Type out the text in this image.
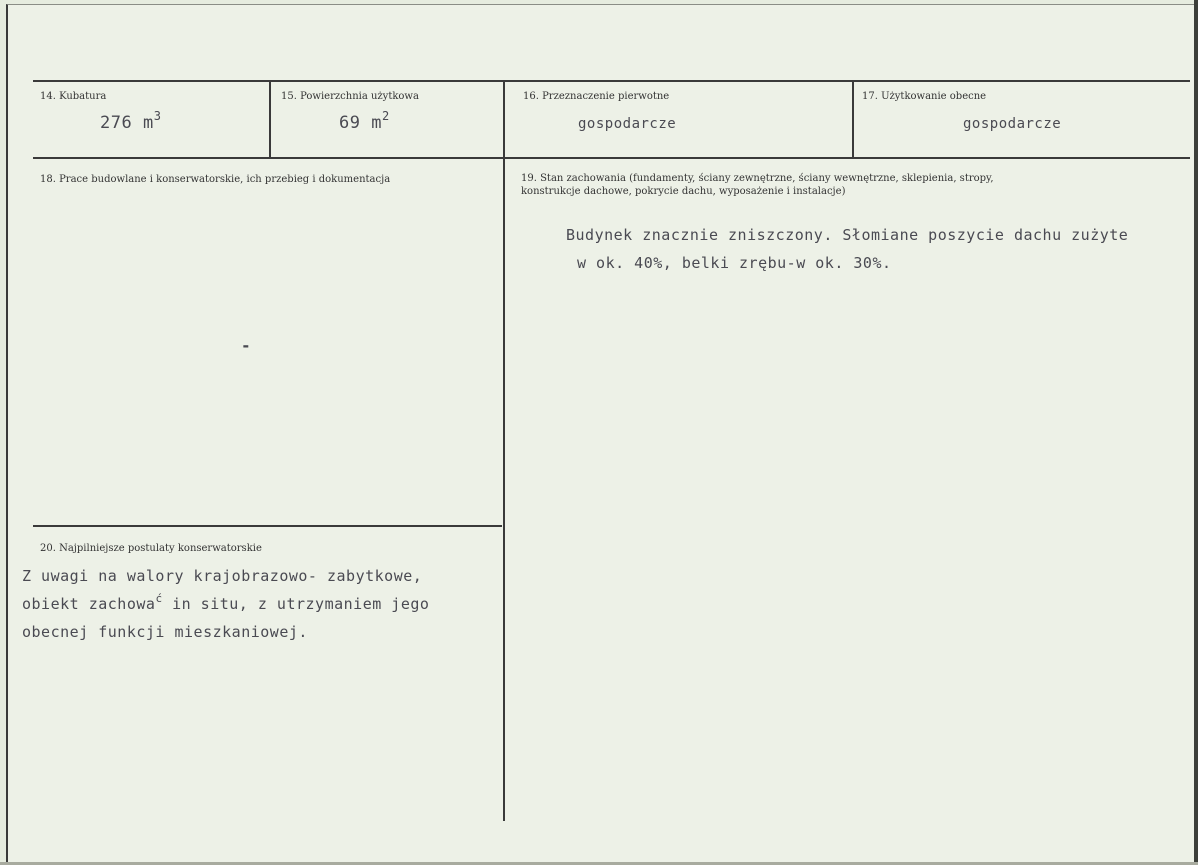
14. Kubatura
276 $m^3$
15. Powierzchnia użytkowa
69 $m^2$
16. Przeznaczenie pierwotne
gospodarcze
17. Użytkowanie obecne
gospodarcze
18. Prace budowlane i konserwatorskie, ich przebieg i dokumentacja
-
19. Stan zachowania (fundamenty, ściany zewnętrzne, ściany wewnętrzne, sklepienia, stropy,
konstrukcje dachowe, pokrycie dachu, wyposażenie i instalacje)
Budynek znacznie zniszczony. Słomiane poszycie dachu zużyte
w ok. 40%, belki zrębu-w ok. 30%.
20. Najpilniejsze postulaty konserwatorskie
Z uwagi na walory krajobrazowo- zabytkowe,
obiekt zachowa$^ć$ in situ, z utrzymaniem jego
obecnej funkcji mieszkaniowej.
